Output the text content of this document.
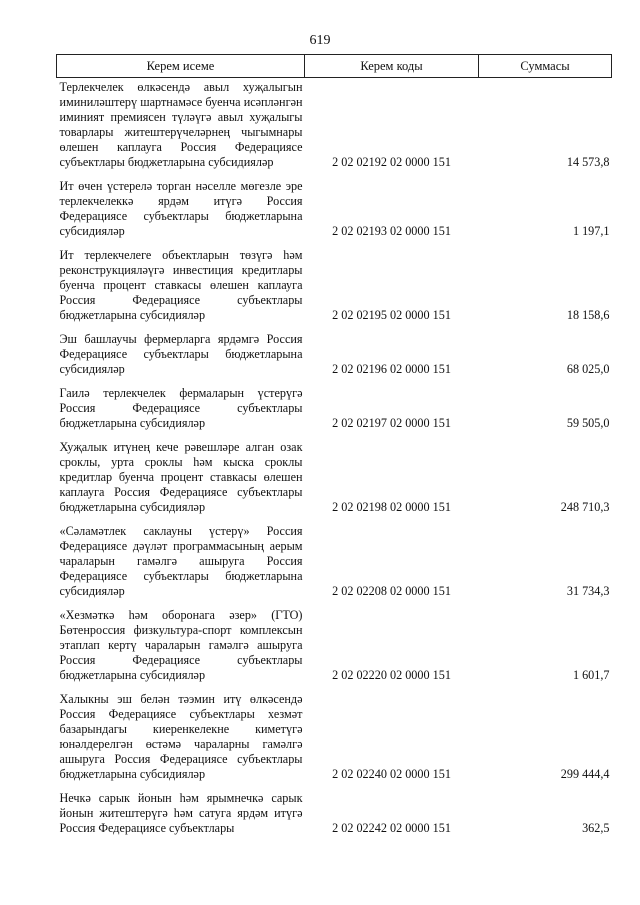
619
Керем исеме	Керем коды	Суммасы
Терлекчелек өлкәсендә авыл хуҗалыгын иминиләштерү шартнамәсе буенча исәпләнгән иминият премиясен түләүгә авыл хуҗалыгы товарлары житештерүчеләрнең чыгымнары өлешен каплауга Россия Федерациясе субъектлары бюджетларына субсидияләр	2 02 02192 02 0000 151	14 573,8
Ит өчен үстерелә торган нәселле мөгезле эре терлекчелеккә ярдәм итүгә Россия Федерациясе субъектлары бюджетларына субсидияләр	2 02 02193 02 0000 151	1 197,1
Ит терлекчелеге объектларын төзүгә һәм реконструкцияләүгә инвестиция кредитлары буенча процент ставкасы өлешен каплауга Россия Федерациясе субъектлары бюджетларына субсидияләр	2 02 02195 02 0000 151	18 158,6
Эш башлаучы фермерларга ярдәмгә Россия Федерациясе субъектлары бюджетларына субсидияләр	2 02 02196 02 0000 151	68 025,0
Гаилә терлекчелек фермаларын үстерүгә Россия Федерациясе субъектлары бюджетларына субсидияләр	2 02 02197 02 0000 151	59 505,0
Хуҗалык итүнең кече рәвешләре алган озак сроклы, урта сроклы һәм кыска сроклы кредитлар буенча процент ставкасы өлешен каплауга Россия Федерациясе субъектлары бюджетларына субсидияләр	2 02 02198 02 0000 151	248 710,3
«Сәламәтлек саклауны үстерү» Россия Федерациясе дәүләт программасының аерым чараларын гамәлгә ашыруга Россия Федерациясе субъектлары бюджетларына субсидияләр	2 02 02208 02 0000 151	31 734,3
«Хезмәткә һәм оборонага әзер» (ГТО) Бөтенроссия физкультура-спорт комплексын этаплап кертү чараларын гамәлгә ашыруга Россия Федерациясе субъектлары бюджетларына субсидияләр	2 02 02220 02 0000 151	1 601,7
Халыкны эш белән тәэмин итү өлкәсендә Россия Федерациясе субъектлары хезмәт базарындагы киеренкелекне киметүгә юнәлдерелгән өстәмә чараларны гамәлгә ашыруга Россия Федерациясе субъектлары бюджетларына субсидияләр	2 02 02240 02 0000 151	299 444,4
Нечкә сарык йонын һәм ярымнечкә сарык йонын житештерүгә һәм сатуга ярдәм итүгә Россия Федерациясе субъектлары	2 02 02242 02 0000 151	362,5
